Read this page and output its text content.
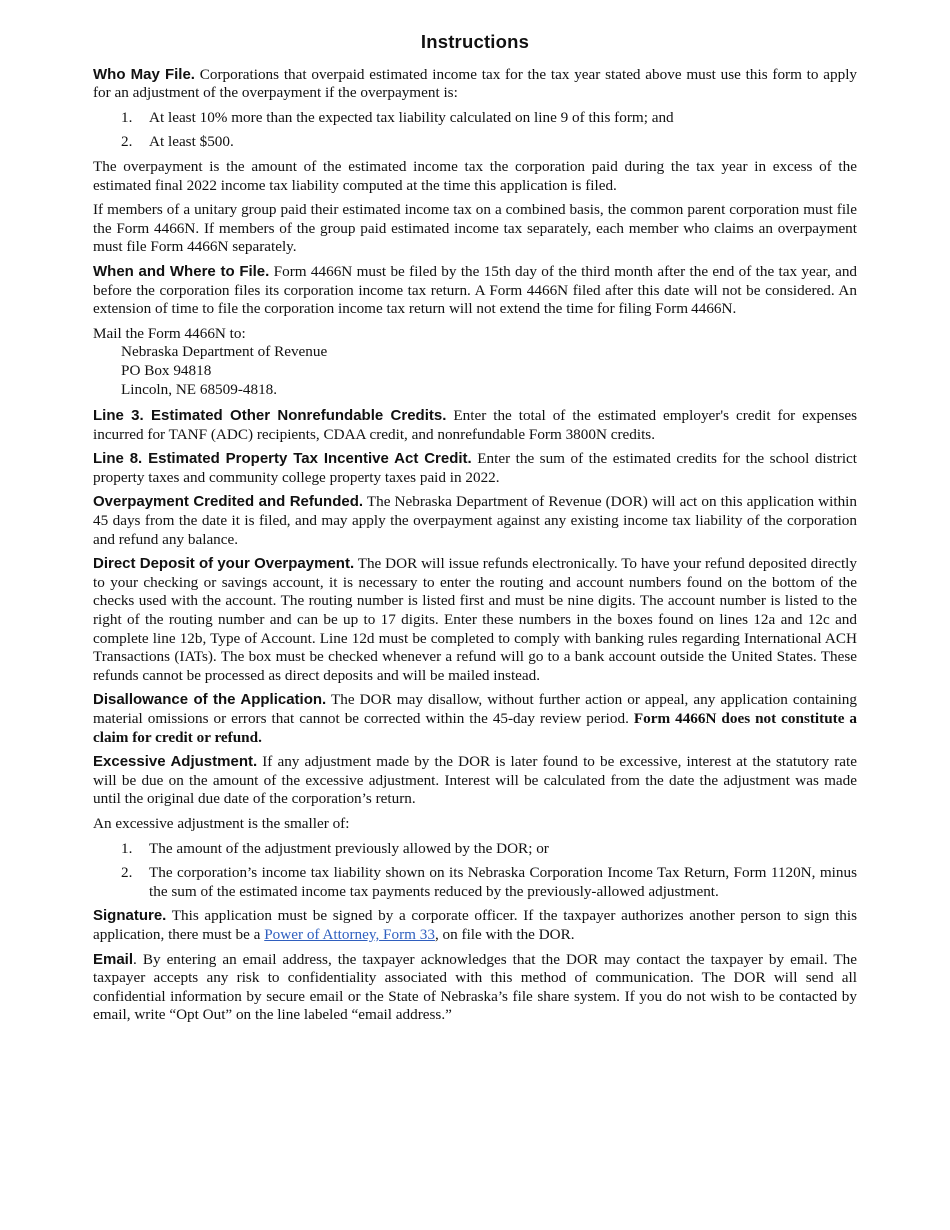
Instructions

Who May File. Corporations that overpaid estimated income tax for the tax year stated above must use this form to apply for an adjustment of the overpayment if the overpayment is:

1. At least 10% more than the expected tax liability calculated on line 9 of this form; and
2. At least $500.

The overpayment is the amount of the estimated income tax the corporation paid during the tax year in excess of the estimated final 2022 income tax liability computed at the time this application is filed.

If members of a unitary group paid their estimated income tax on a combined basis, the common parent corporation must file the Form 4466N. If members of the group paid estimated income tax separately, each member who claims an overpayment must file Form 4466N separately.

When and Where to File. Form 4466N must be filed by the 15th day of the third month after the end of the tax year, and before the corporation files its corporation income tax return. A Form 4466N filed after this date will not be considered. An extension of time to file the corporation income tax return will not extend the time for filing Form 4466N.

Mail the Form 4466N to:
Nebraska Department of Revenue
PO Box 94818
Lincoln, NE 68509-4818.

Line 3. Estimated Other Nonrefundable Credits. Enter the total of the estimated employer's credit for expenses incurred for TANF (ADC) recipients, CDAA credit, and nonrefundable Form 3800N credits.

Line 8. Estimated Property Tax Incentive Act Credit. Enter the sum of the estimated credits for the school district property taxes and community college property taxes paid in 2022.

Overpayment Credited and Refunded. The Nebraska Department of Revenue (DOR) will act on this application within 45 days from the date it is filed, and may apply the overpayment against any existing income tax liability of the corporation and refund any balance.

Direct Deposit of your Overpayment. The DOR will issue refunds electronically. To have your refund deposited directly to your checking or savings account, it is necessary to enter the routing and account numbers found on the bottom of the checks used with the account. The routing number is listed first and must be nine digits. The account number is listed to the right of the routing number and can be up to 17 digits. Enter these numbers in the boxes found on lines 12a and 12c and complete line 12b, Type of Account. Line 12d must be completed to comply with banking rules regarding International ACH Transactions (IATs). The box must be checked whenever a refund will go to a bank account outside the United States. These refunds cannot be processed as direct deposits and will be mailed instead.

Disallowance of the Application. The DOR may disallow, without further action or appeal, any application containing material omissions or errors that cannot be corrected within the 45-day review period. Form 4466N does not constitute a claim for credit or refund.

Excessive Adjustment. If any adjustment made by the DOR is later found to be excessive, interest at the statutory rate will be due on the amount of the excessive adjustment. Interest will be calculated from the date the adjustment was made until the original due date of the corporation’s return.

An excessive adjustment is the smaller of:

1. The amount of the adjustment previously allowed by the DOR; or
2. The corporation’s income tax liability shown on its Nebraska Corporation Income Tax Return, Form 1120N, minus the sum of the estimated income tax payments reduced by the previously-allowed adjustment.

Signature. This application must be signed by a corporate officer. If the taxpayer authorizes another person to sign this application, there must be a Power of Attorney, Form 33, on file with the DOR.

Email. By entering an email address, the taxpayer acknowledges that the DOR may contact the taxpayer by email. The taxpayer accepts any risk to confidentiality associated with this method of communication. The DOR will send all confidential information by secure email or the State of Nebraska’s file share system. If you do not wish to be contacted by email, write “Opt Out” on the line labeled “email address.”
